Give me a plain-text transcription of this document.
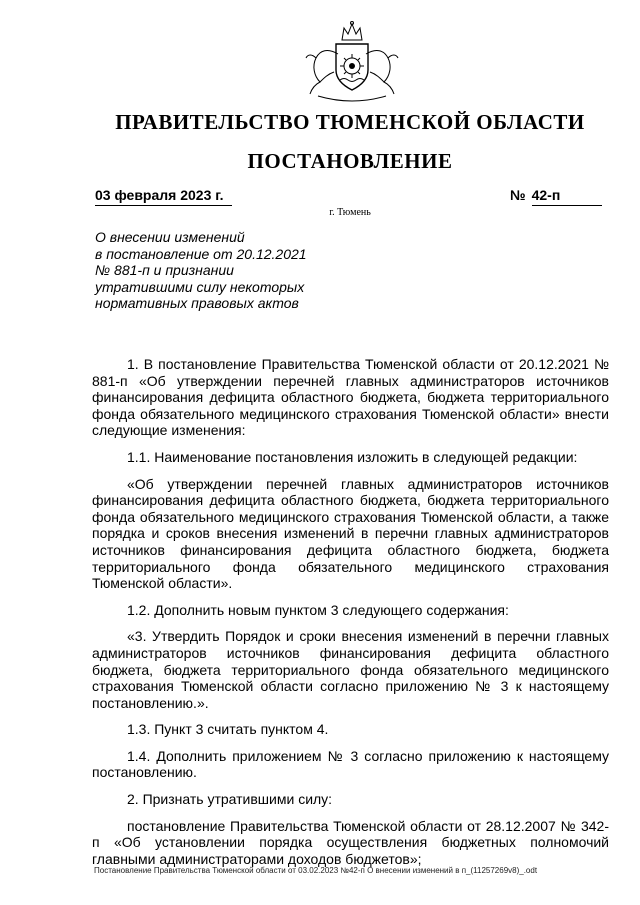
ПРАВИТЕЛЬСТВО ТЮМЕНСКОЙ ОБЛАСТИ
ПОСТАНОВЛЕНИЕ
03 февраля 2023 г.	№ 42-п
г. Тюмень
О внесении изменений
в постановление от 20.12.2021
№ 881-п и признании
утратившими силу некоторых
нормативных правовых актов

1. В постановление Правительства Тюменской области от 20.12.2021 № 881-п «Об утверждении перечней главных администраторов источников финансирования дефицита областного бюджета, бюджета территориального фонда обязательного медицинского страхования Тюменской области» внести следующие изменения:

1.1. Наименование постановления изложить в следующей редакции:

«Об утверждении перечней главных администраторов источников финансирования дефицита областного бюджета, бюджета территориального фонда обязательного медицинского страхования Тюменской области, а также порядка и сроков внесения изменений в перечни главных администраторов источников финансирования дефицита областного бюджета, бюджета территориального фонда обязательного медицинского страхования Тюменской области».

1.2. Дополнить новым пунктом 3 следующего содержания:

«3. Утвердить Порядок и сроки внесения изменений в перечни главных администраторов источников финансирования дефицита областного бюджета, бюджета территориального фонда обязательного медицинского страхования Тюменской области согласно приложению № 3 к настоящему постановлению.».

1.3. Пункт 3 считать пунктом 4.

1.4. Дополнить приложением № 3 согласно приложению к настоящему постановлению.

2. Признать утратившими силу:

постановление Правительства Тюменской области от 28.12.2007 № 342-п «Об установлении порядка осуществления бюджетных полномочий главными администраторами доходов бюджетов»;

Постановление Правительства Тюменской области от 03.02.2023 №42-п О внесении изменений в п_(11257269v8)_.odt
